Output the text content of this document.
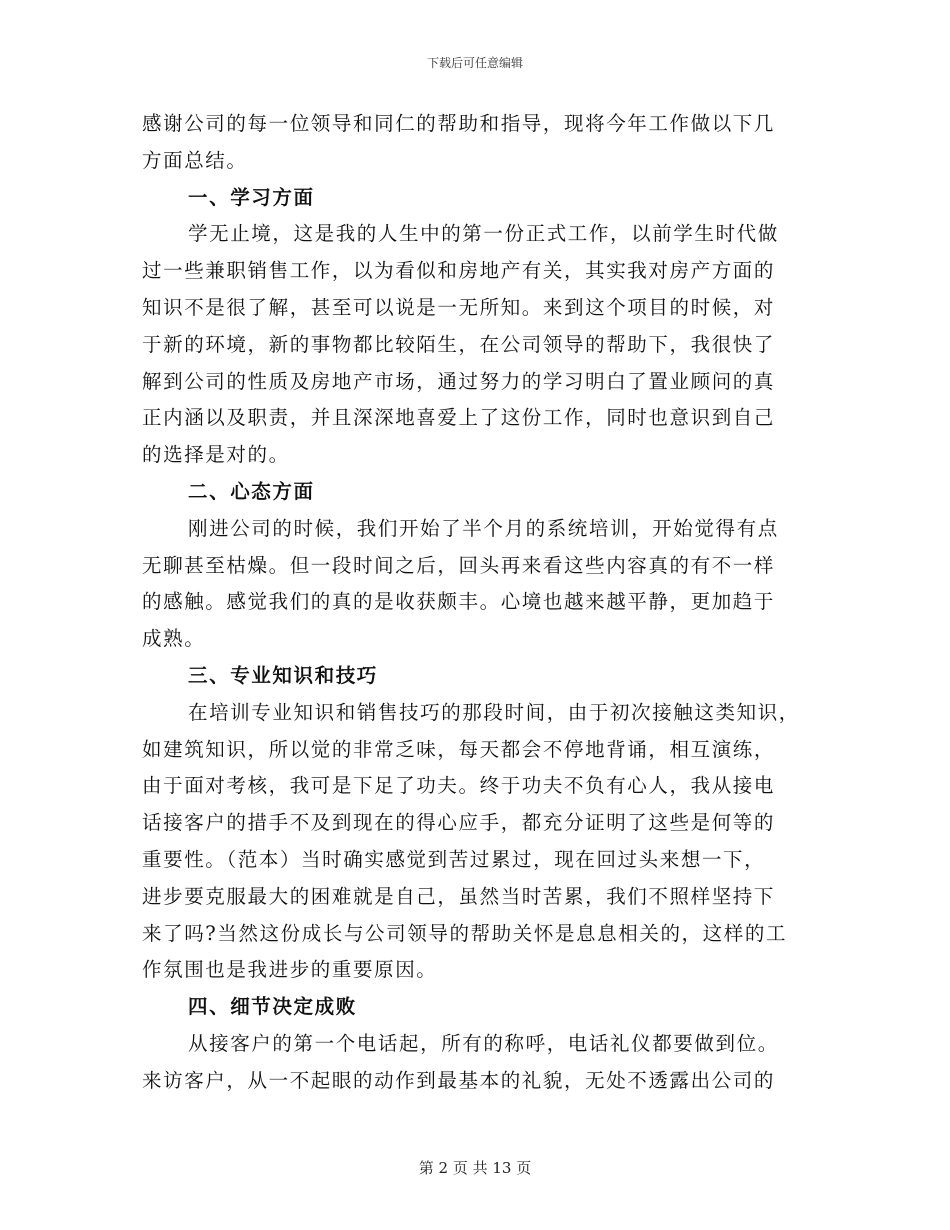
下载后可任意编辑
感谢公司的每一位领导和同仁的帮助和指导，现将今年工作做以下几
方面总结。
一、学习方面
学无止境，这是我的人生中的第一份正式工作，以前学生时代做
过一些兼职销售工作，以为看似和房地产有关，其实我对房产方面的
知识不是很了解，甚至可以说是一无所知。来到这个项目的时候，对
于新的环境，新的事物都比较陌生，在公司领导的帮助下，我很快了
解到公司的性质及房地产市场，通过努力的学习明白了置业顾问的真
正内涵以及职责，并且深深地喜爱上了这份工作，同时也意识到自己
的选择是对的。
二、心态方面
刚进公司的时候，我们开始了半个月的系统培训，开始觉得有点
无聊甚至枯燥。但一段时间之后，回头再来看这些内容真的有不一样
的感触。感觉我们的真的是收获颇丰。心境也越来越平静，更加趋于
成熟。
三、专业知识和技巧
在培训专业知识和销售技巧的那段时间，由于初次接触这类知识，
如建筑知识，所以觉的非常乏味，每天都会不停地背诵，相互演练，
由于面对考核，我可是下足了功夫。终于功夫不负有心人，我从接电
话接客户的措手不及到现在的得心应手，都充分证明了这些是何等的
重要性。（范本）当时确实感觉到苦过累过，现在回过头来想一下，
进步要克服最大的困难就是自己，虽然当时苦累，我们不照样坚持下
来了吗?当然这份成长与公司领导的帮助关怀是息息相关的，这样的工
作氛围也是我进步的重要原因。
四、细节决定成败
从接客户的第一个电话起，所有的称呼，电话礼仪都要做到位。
来访客户，从一不起眼的动作到最基本的礼貌，无处不透露出公司的
第 2 页 共 13 页
